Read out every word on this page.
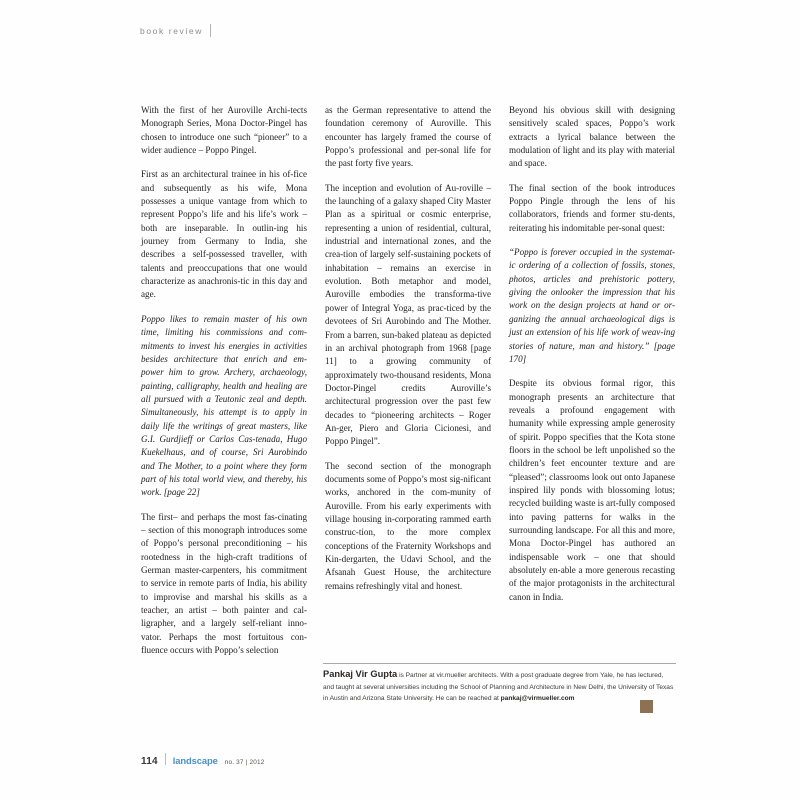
book review

With the first of her Auroville Archi-tects Monograph Series, Mona Doctor-Pingel has chosen to introduce one such “pioneer” to a wider audience – Poppo Pingel.

First as an architectural trainee in his of-fice and subsequently as his wife, Mona possesses a unique vantage from which to represent Poppo’s life and his life’s work – both are inseparable. In outlin-ing his journey from Germany to India, she describes a self-possessed traveller, with talents and preoccupations that one would characterize as anachronis-tic in this day and age.

Poppo likes to remain master of his own time, limiting his commissions and com-mitments to invest his energies in activities besides architecture that enrich and em-power him to grow. Archery, archaeology, painting, calligraphy, health and healing are all pursued with a Teutonic zeal and depth. Simultaneously, his attempt is to apply in daily life the writings of great masters, like G.I. Gurdjieff or Carlos Cas-tenada, Hugo Kuekelhaus, and of course, Sri Aurobindo and The Mother, to a point where they form part of his total world view, and thereby, his work. [page 22]

The first– and perhaps the most fas-cinating – section of this monograph introduces some of Poppo’s personal preconditioning – his rootedness in the high-craft traditions of German master-carpenters, his commitment to service in remote parts of India, his ability to improvise and marshal his skills as a teacher, an artist – both painter and cal-ligrapher, and a largely self-reliant inno-vator. Perhaps the most fortuitous con-fluence occurs with Poppo’s selection

as the German representative to attend the foundation ceremony of Auroville. This encounter has largely framed the course of Poppo’s professional and per-sonal life for the past forty five years.

The inception and evolution of Au-roville – the launching of a galaxy shaped City Master Plan as a spiritual or cosmic enterprise, representing a union of residential, cultural, industrial and international zones, and the crea-tion of largely self-sustaining pockets of inhabitation – remains an exercise in evolution. Both metaphor and model, Auroville embodies the transforma-tive power of Integral Yoga, as prac-ticed by the devotees of Sri Aurobindo and The Mother. From a barren, sun-baked plateau as depicted in an archival photograph from 1968 [page 11] to a growing community of approximately two-thousand residents, Mona Doctor-Pingel credits Auroville’s architectural progression over the past few decades to “pioneering architects – Roger An-ger, Piero and Gloria Cicionesi, and Poppo Pingel”.

The second section of the monograph documents some of Poppo’s most sig-nificant works, anchored in the com-munity of Auroville. From his early experiments with village housing in-corporating rammed earth construc-tion, to the more complex conceptions of the Fraternity Workshops and Kin-dergarten, the Udavi School, and the Afsanah Guest House, the architecture remains refreshingly vital and honest.

Beyond his obvious skill with designing sensitively scaled spaces, Poppo’s work extracts a lyrical balance between the modulation of light and its play with material and space.

The final section of the book introduces Poppo Pingle through the lens of his collaborators, friends and former stu-dents, reiterating his indomitable per-sonal quest:

“Poppo is forever occupied in the systemat-ic ordering of a collection of fossils, stones, photos, articles and prehistoric pottery, giving the onlooker the impression that his work on the design projects at hand or or-ganizing the annual archaeological digs is just an extension of his life work of weav-ing stories of nature, man and history.” [page 170]

Despite its obvious formal rigor, this monograph presents an architecture that reveals a profound engagement with humanity while expressing ample generosity of spirit. Poppo specifies that the Kota stone floors in the school be left unpolished so the children’s feet encounter texture and are “pleased”; classrooms look out onto Japanese inspired lily ponds with blossoming lotus; recycled building waste is art-fully composed into paving patterns for walks in the surrounding landscape. For all this and more, Mona Doctor-Pingel has authored an indispensable work – one that should absolutely en-able a more generous recasting of the major protagonists in the architectural canon in India.

Pankaj Vir Gupta is Partner at vir.mueller architects. With a post graduate degree from Yale, he has lectured, and taught at several universities including the School of Planning and Architecture in New Delhi, the University of Texas in Austin and Arizona State University. He can be reached at pankaj@virmueller.com
114 landscape no. 37 | 2012
